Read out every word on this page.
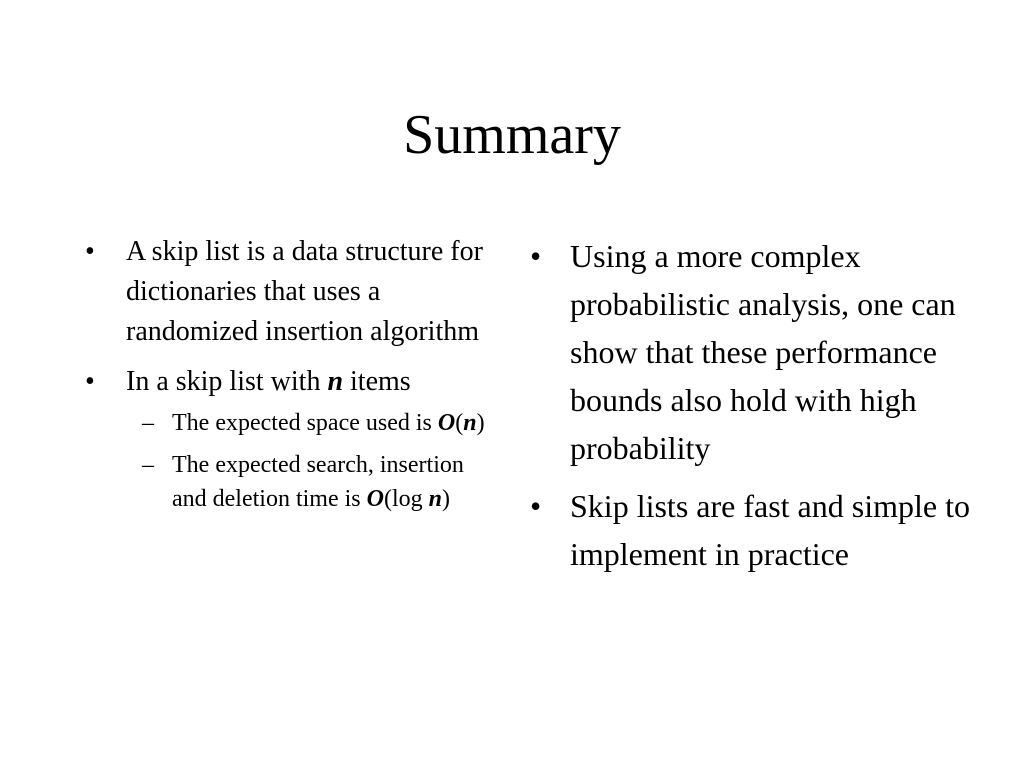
Summary
• A skip list is a data structure for dictionaries that uses a randomized insertion algorithm
• In a skip list with n items
– The expected space used is O(n)
– The expected search, insertion and deletion time is O(log n)
• Using a more complex probabilistic analysis, one can show that these performance bounds also hold with high probability
• Skip lists are fast and simple to implement in practice
